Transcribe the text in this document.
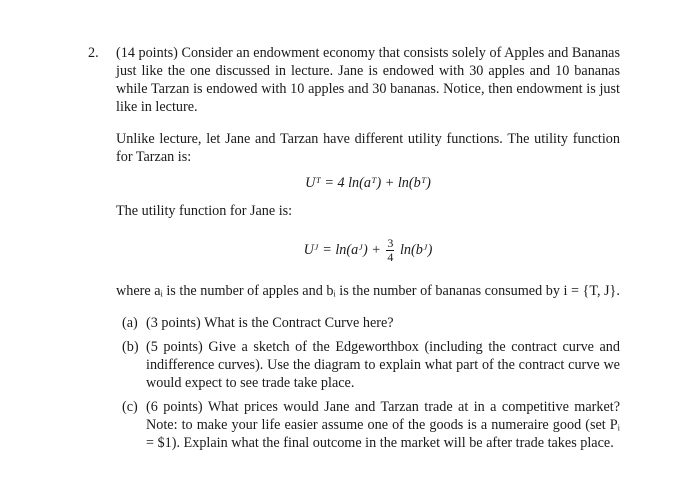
2. (14 points) Consider an endowment economy that consists solely of Apples and Bananas just like the one discussed in lecture. Jane is endowed with 30 apples and 10 bananas while Tarzan is endowed with 10 apples and 30 bananas. Notice, then endowment is just like in lecture.
Unlike lecture, let Jane and Tarzan have different utility functions. The utility function for Tarzan is:
Uᵀ = 4 ln(aᵀ) + ln(bᵀ)
The utility function for Jane is:
Uᴶ = ln(aᴶ) + $\frac{3}{4}$ ln(bᴶ)
where aᵢ is the number of apples and bᵢ is the number of bananas consumed by i = {T, J}.
(a) (3 points) What is the Contract Curve here?
(b) (5 points) Give a sketch of the Edgeworthbox (including the contract curve and indifference curves). Use the diagram to explain what part of the contract curve we would expect to see trade take place.
(c) (6 points) What prices would Jane and Tarzan trade at in a competitive market? Note: to make your life easier assume one of the goods is a numeraire good (set Pᵢ = $1). Explain what the final outcome in the market will be after trade takes place.
